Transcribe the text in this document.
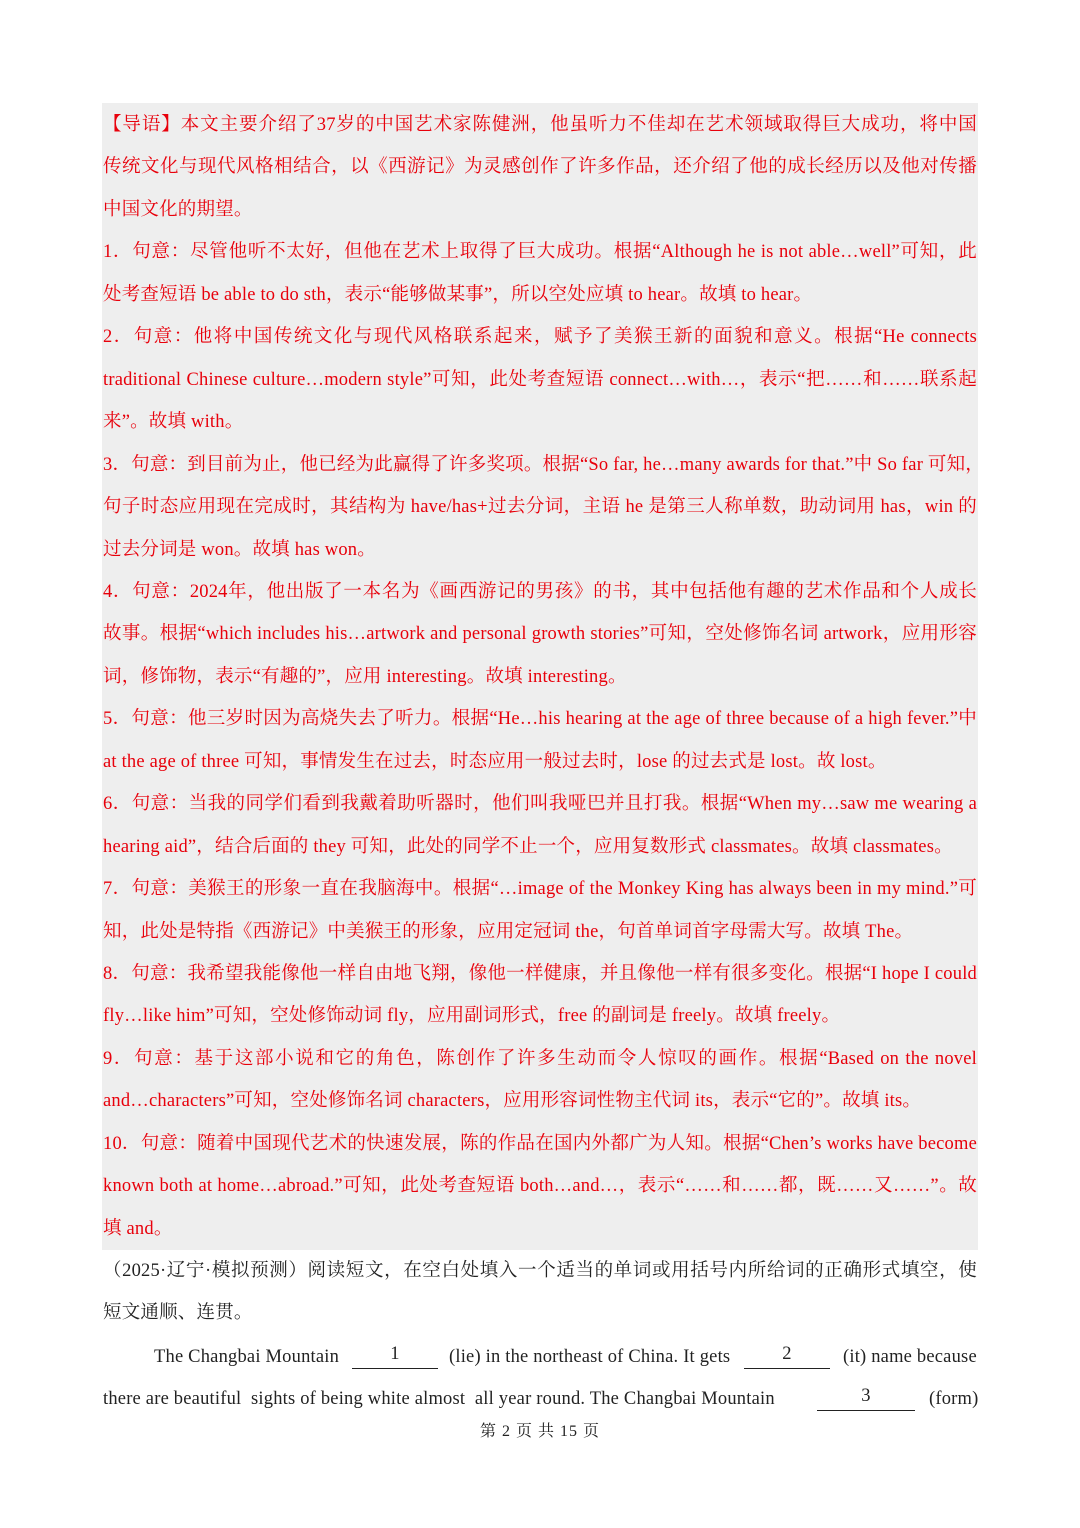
【导语】本文主要介绍了37岁的中国艺术家陈健洲，他虽听力不佳却在艺术领域取得巨大成功，将中国
传统文化与现代风格相结合，以《西游记》为灵感创作了许多作品，还介绍了他的成长经历以及他对传播
中国文化的期望。
1．句意：尽管他听不太好，但他在艺术上取得了巨大成功。根据“Although he is not able…well”可知，此
处考查短语 be able to do sth，表示“能够做某事”，所以空处应填 to hear。故填 to hear。
2．句意：他将中国传统文化与现代风格联系起来，赋予了美猴王新的面貌和意义。根据“He connects
traditional Chinese culture…modern style”可知，此处考查短语 connect…with…，表示“把……和……联系起
来”。故填 with。
3．句意：到目前为止，他已经为此赢得了许多奖项。根据“So far, he…many awards for that.”中 So far 可知，
句子时态应用现在完成时，其结构为 have/has+过去分词，主语 he 是第三人称单数，助动词用 has，win 的
过去分词是 won。故填 has won。
4．句意：2024年，他出版了一本名为《画西游记的男孩》的书，其中包括他有趣的艺术作品和个人成长
故事。根据“which includes his…artwork and personal growth stories”可知，空处修饰名词 artwork，应用形容
词，修饰物，表示“有趣的”，应用 interesting。故填 interesting。
5．句意：他三岁时因为高烧失去了听力。根据“He…his hearing at the age of three because of a high fever.”中
at the age of three 可知，事情发生在过去，时态应用一般过去时，lose 的过去式是 lost。故 lost。
6．句意：当我的同学们看到我戴着助听器时，他们叫我哑巴并且打我。根据“When my…saw me wearing a
hearing aid”，结合后面的 they 可知，此处的同学不止一个，应用复数形式 classmates。故填 classmates。
7．句意：美猴王的形象一直在我脑海中。根据“…image of the Monkey King has always been in my mind.”可
知，此处是特指《西游记》中美猴王的形象，应用定冠词 the，句首单词首字母需大写。故填 The。
8．句意：我希望我能像他一样自由地飞翔，像他一样健康，并且像他一样有很多变化。根据“I hope I could
fly…like him”可知，空处修饰动词 fly，应用副词形式，free 的副词是 freely。故填 freely。
9．句意：基于这部小说和它的角色，陈创作了许多生动而令人惊叹的画作。根据“Based on the novel
and…characters”可知，空处修饰名词 characters，应用形容词性物主代词 its，表示“它的”。故填 its。
10．句意：随着中国现代艺术的快速发展，陈的作品在国内外都广为人知。根据“Chen’s works have become
known both at home…abroad.”可知，此处考查短语 both…and…，表示“……和……都，既……又……”。故
填 and。
（2025·辽宁·模拟预测）阅读短文，在空白处填入一个适当的单词或用括号内所给词的正确形式填空，使
短文通顺、连贯。
The Changbai Mountain	1	(lie) in the northeast of China. It gets	2	(it) name because
there are beautiful  sights of being white almost  all year round. The Changbai Mountain	3	(form)
第 2 页 共 15 页
